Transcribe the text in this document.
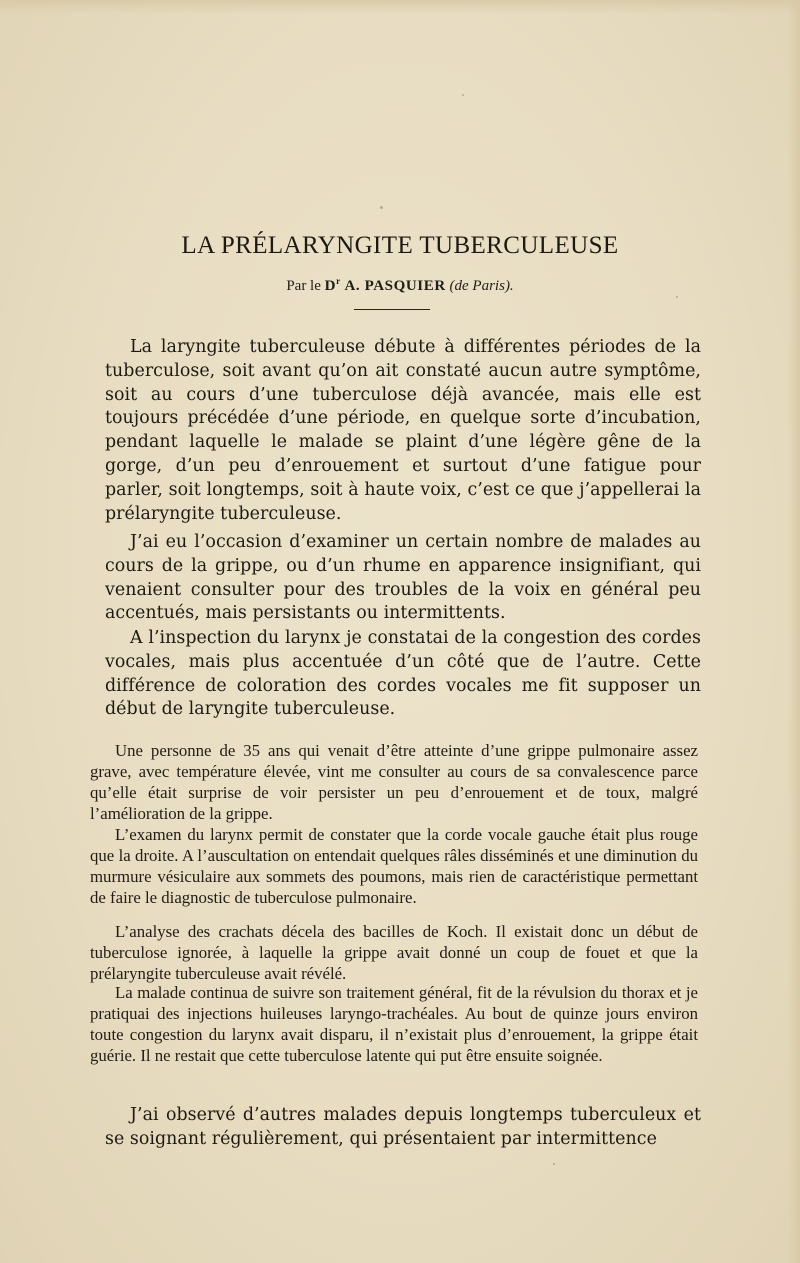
LA PRÉLARYNGITE TUBERCULEUSE

Par le $D^r$ A. PASQUIER (de Paris).

La laryngite tuberculeuse débute à différentes périodes de la tuberculose, soit avant qu’on ait constaté aucun autre symptôme, soit au cours d’une tuberculose déjà avancée, mais elle est toujours précédée d’une période, en quelque sorte d’incubation, pendant laquelle le malade se plaint d’une légère gêne de la gorge, d’un peu d’enrouement et surtout d’une fatigue pour parler, soit longtemps, soit à haute voix, c’est ce que j’appellerai la prélaryngite tuberculeuse.

J’ai eu l’occasion d’examiner un certain nombre de malades au cours de la grippe, ou d’un rhume en apparence insignifiant, qui venaient consulter pour des troubles de la voix en général peu accentués, mais persistants ou intermittents.

A l’inspection du larynx je constatai de la congestion des cordes vocales, mais plus accentuée d’un côté que de l’autre. Cette différence de coloration des cordes vocales me fit supposer un début de laryngite tuberculeuse.

Une personne de 35 ans qui venait d’être atteinte d’une grippe pulmonaire assez grave, avec température élevée, vint me consulter au cours de sa convalescence parce qu’elle était surprise de voir persister un peu d’enrouement et de toux, malgré l’amélioration de la grippe.

L’examen du larynx permit de constater que la corde vocale gauche était plus rouge que la droite. A l’auscultation on entendait quelques râles disséminés et une diminution du murmure vésiculaire aux sommets des poumons, mais rien de caractéristique permettant de faire le diagnostic de tuberculose pulmonaire.

L’analyse des crachats décela des bacilles de Koch. Il existait donc un début de tuberculose ignorée, à laquelle la grippe avait donné un coup de fouet et que la prélaryngite tuberculeuse avait révélé.

La malade continua de suivre son traitement général, fit de la révulsion du thorax et je pratiquai des injections huileuses laryngo-trachéales. Au bout de quinze jours environ toute congestion du larynx avait disparu, il n’existait plus d’enrouement, la grippe était guérie. Il ne restait que cette tuberculose latente qui put être ensuite soignée.

J’ai observé d’autres malades depuis longtemps tuberculeux et se soignant régulièrement, qui présentaient par intermittence
